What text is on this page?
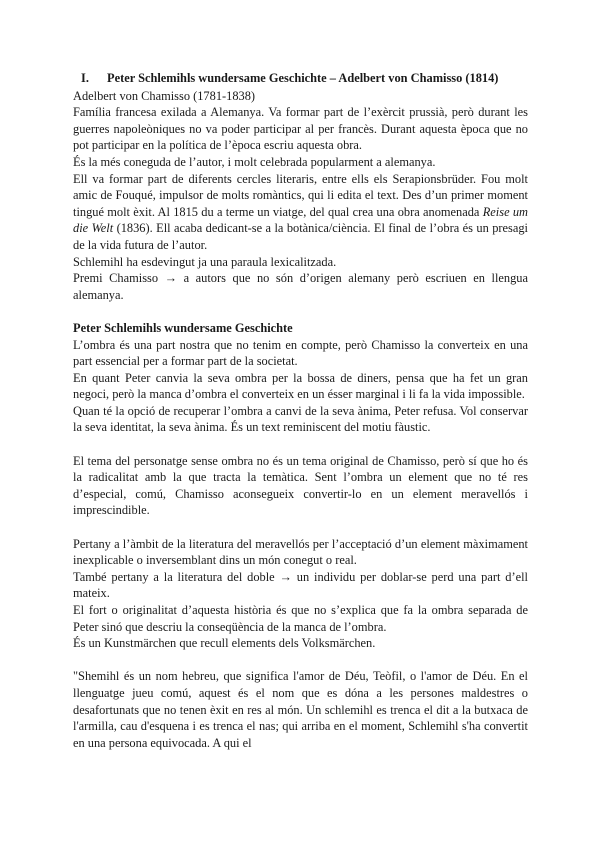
I.	Peter Schlemihls wundersame Geschichte – Adelbert von Chamisso (1814)

Adelbert von Chamisso (1781-1838)

Família francesa exilada a Alemanya. Va formar part de l’exèrcit prussià, però durant les guerres napoleòniques no va poder participar al per francès. Durant aquesta època que no pot participar en la política de l’època escriu aquesta obra.

És la més coneguda de l’autor, i molt celebrada popularment a alemanya.

Ell va formar part de diferents cercles literaris, entre ells els Serapionsbrüder. Fou molt amic de Fouqué, impulsor de molts romàntics, qui li edita el text. Des d’un primer moment tingué molt èxit. Al 1815 du a terme un viatge, del qual crea una obra anomenada Reise um die Welt (1836). Ell acaba dedicant-se a la botànica/ciència. El final de l’obra és un presagi de la vida futura de l’autor.

Schlemihl ha esdevingut ja una paraula lexicalitzada.

Premi Chamisso → a autors que no són d’origen alemany però escriuen en llengua alemanya.

Peter Schlemihls wundersame Geschichte

L’ombra és una part nostra que no tenim en compte, però Chamisso la converteix en una part essencial per a formar part de la societat.

En quant Peter canvia la seva ombra per la bossa de diners, pensa que ha fet un gran negoci, però la manca d’ombra el converteix en un ésser marginal i li fa la vida impossible.

Quan té la opció de recuperar l’ombra a canvi de la seva ànima, Peter refusa. Vol conservar la seva identitat, la seva ànima. És un text reminiscent del motiu fàustic.

El tema del personatge sense ombra no és un tema original de Chamisso, però sí que ho és la radicalitat amb la que tracta la temàtica. Sent l’ombra un element que no té res d’especial, comú, Chamisso aconsegueix convertir-lo en un element meravellós i imprescindible.

Pertany a l’àmbit de la literatura del meravellós per l’acceptació d’un element màximament inexplicable o inversemblant dins un món conegut o real.

També pertany a la literatura del doble → un individu per doblar-se perd una part d’ell mateix.

El fort o originalitat d’aquesta història és que no s’explica que fa la ombra separada de Peter sinó que descriu la conseqüència de la manca de l’ombra.

És un Kunstmärchen que recull elements dels Volksmärchen.

"Shemihl és un nom hebreu, que significa l'amor de Déu, Teòfil, o l'amor de Déu. En el llenguatge jueu comú, aquest és el nom que es dóna a les persones maldestres o desafortunats que no tenen èxit en res al món. Un schlemihl es trenca el dit a la butxaca de l'armilla, cau d'esquena i es trenca el nas; qui arriba en el moment, Schlemihl s'ha convertit en una persona equivocada. A qui el
